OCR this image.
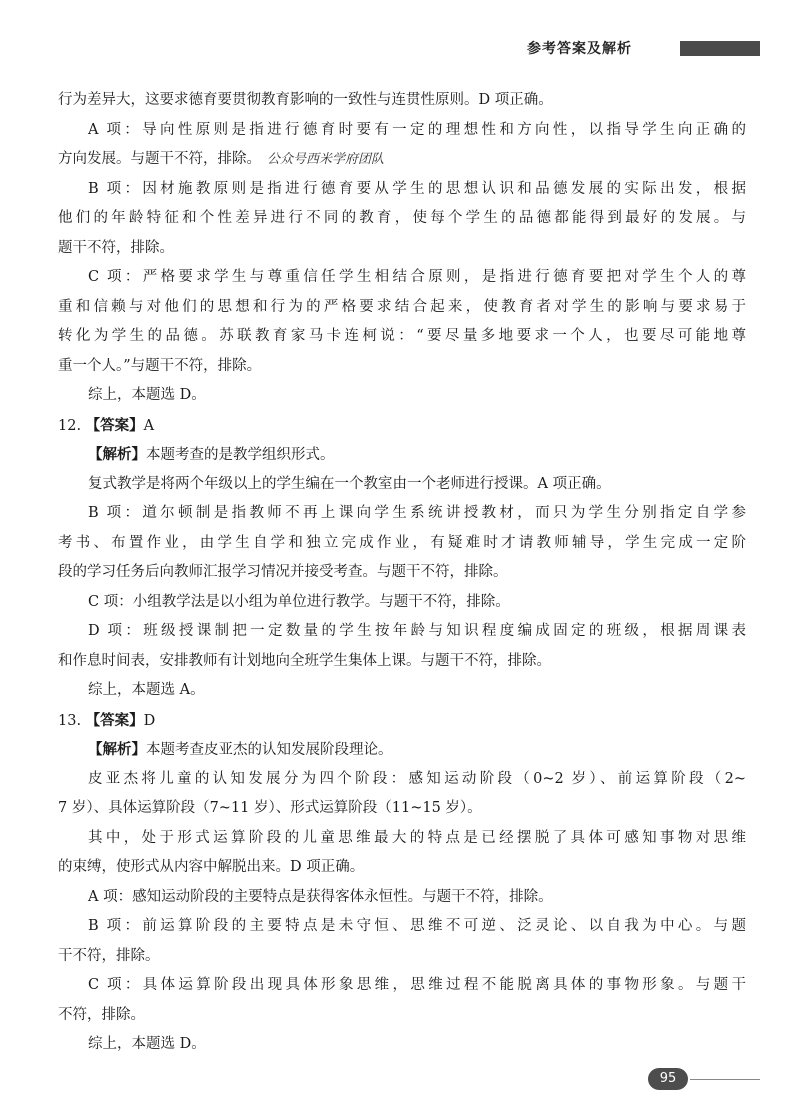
参考答案及解析
行为差异大，这要求德育要贯彻教育影响的一致性与连贯性原则。D 项正确。
A 项：导向性原则是指进行德育时要有一定的理想性和方向性，以指导学生向正确的
方向发展。与题干不符，排除。 公众号西米学府团队
B 项：因材施教原则是指进行德育要从学生的思想认识和品德发展的实际出发，根据
他们的年龄特征和个性差异进行不同的教育，使每个学生的品德都能得到最好的发展。与
题干不符，排除。
C 项：严格要求学生与尊重信任学生相结合原则，是指进行德育要把对学生个人的尊
重和信赖与对他们的思想和行为的严格要求结合起来，使教育者对学生的影响与要求易于
转化为学生的品德。苏联教育家马卡连柯说：“要尽量多地要求一个人，也要尽可能地尊
重一个人。”与题干不符，排除。
综上，本题选 D。
12. 【答案】A
【解析】本题考查的是教学组织形式。
复式教学是将两个年级以上的学生编在一个教室由一个老师进行授课。A 项正确。
B 项：道尔顿制是指教师不再上课向学生系统讲授教材，而只为学生分别指定自学参
考书、布置作业，由学生自学和独立完成作业，有疑难时才请教师辅导，学生完成一定阶
段的学习任务后向教师汇报学习情况并接受考查。与题干不符，排除。
C 项：小组教学法是以小组为单位进行教学。与题干不符，排除。
D 项：班级授课制把一定数量的学生按年龄与知识程度编成固定的班级，根据周课表
和作息时间表，安排教师有计划地向全班学生集体上课。与题干不符，排除。
综上，本题选 A。
13. 【答案】D
【解析】本题考查皮亚杰的认知发展阶段理论。
皮亚杰将儿童的认知发展分为四个阶段：感知运动阶段（0~2 岁）、前运算阶段（2~
7 岁）、具体运算阶段（7~11 岁）、形式运算阶段（11~15 岁）。
其中，处于形式运算阶段的儿童思维最大的特点是已经摆脱了具体可感知事物对思维
的束缚，使形式从内容中解脱出来。D 项正确。
A 项：感知运动阶段的主要特点是获得客体永恒性。与题干不符，排除。
B 项：前运算阶段的主要特点是未守恒、思维不可逆、泛灵论、以自我为中心。与题
干不符，排除。
C 项：具体运算阶段出现具体形象思维，思维过程不能脱离具体的事物形象。与题干
不符，排除。
综上，本题选 D。
95
